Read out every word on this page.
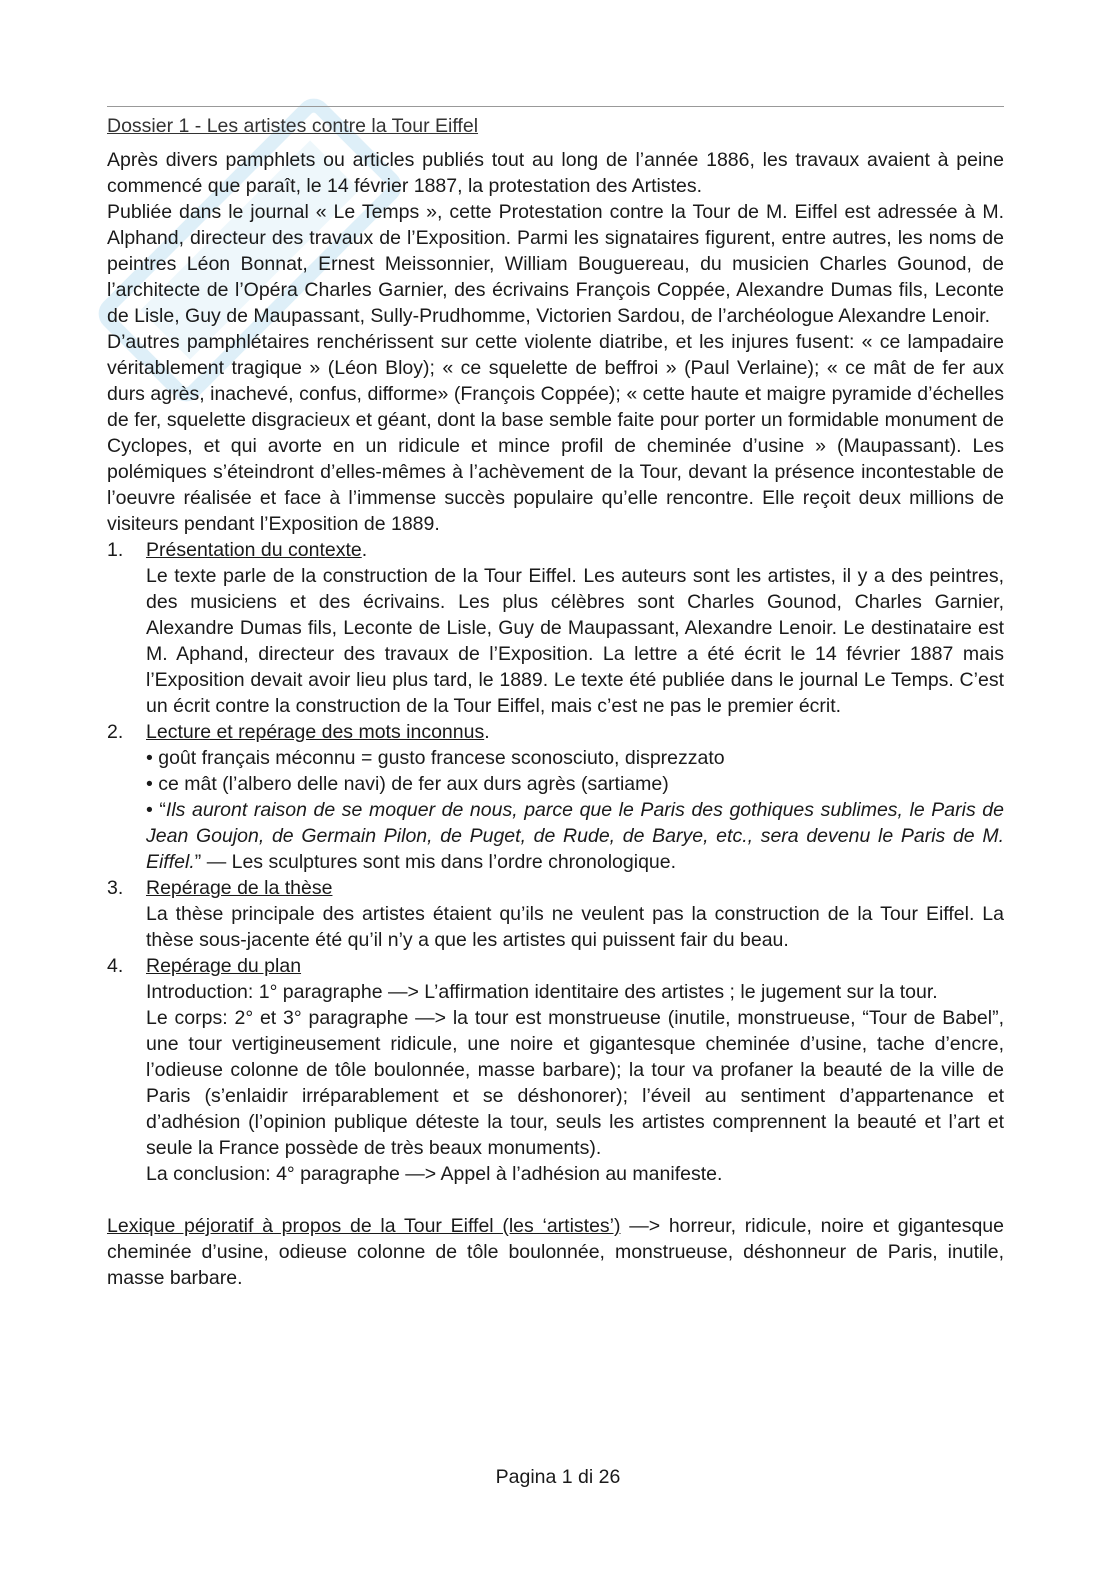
Dossier 1 - Les artistes contre la Tour Eiffel

Après divers pamphlets ou articles publiés tout au long de l’année 1886, les travaux avaient à peine commencé que paraît, le 14 février 1887, la protestation des Artistes.

Publiée dans le journal « Le Temps », cette Protestation contre la Tour de M. Eiffel est adressée à M. Alphand, directeur des travaux de l’Exposition. Parmi les signataires figurent, entre autres, les noms de peintres Léon Bonnat, Ernest Meissonnier, William Bouguereau, du musicien Charles Gounod, de l’architecte de l’Opéra Charles Garnier, des écrivains François Coppée, Alexandre Dumas fils, Leconte de Lisle, Guy de Maupassant, Sully-Prudhomme, Victorien Sardou, de l’archéologue Alexandre Lenoir.

D’autres pamphlétaires renchérissent sur cette violente diatribe, et les injures fusent: « ce lampadaire véritablement tragique » (Léon Bloy); « ce squelette de beffroi » (Paul Verlaine); « ce mât de fer aux durs agrès, inachevé, confus, difforme» (François Coppée); « cette haute et maigre pyramide d’échelles de fer, squelette disgracieux et géant, dont la base semble faite pour porter un formidable monument de Cyclopes, et qui avorte en un ridicule et mince profil de cheminée d’usine » (Maupassant). Les polémiques s’éteindront d’elles-mêmes à l’achèvement de la Tour, devant la présence incontestable de l’oeuvre réalisée et face à l’immense succès populaire qu’elle rencontre. Elle reçoit deux millions de visiteurs pendant l’Exposition de 1889.

1. Présentation du contexte.

Le texte parle de la construction de la Tour Eiffel. Les auteurs sont les artistes, il y a des peintres, des musiciens et des écrivains. Les plus célèbres sont Charles Gounod, Charles Garnier, Alexandre Dumas fils, Leconte de Lisle, Guy de Maupassant, Alexandre Lenoir. Le destinataire est M. Aphand, directeur des travaux de l’Exposition. La lettre a été écrit le 14 février 1887 mais l’Exposition devait avoir lieu plus tard, le 1889. Le texte été publiée dans le journal Le Temps. C’est un écrit contre la construction de la Tour Eiffel, mais c’est ne pas le premier écrit.

2. Lecture et repérage des mots inconnus.

• goût français méconnu = gusto francese sconosciuto, disprezzato

• ce mât (l’albero delle navi) de fer aux durs agrès (sartiame)

• “Ils auront raison de se moquer de nous, parce que le Paris des gothiques sublimes, le Paris de Jean Goujon, de Germain Pilon, de Puget, de Rude, de Barye, etc., sera devenu le Paris de M. Eiffel.” — Les sculptures sont mis dans l’ordre chronologique.

3. Repérage de la thèse

La thèse principale des artistes étaient qu’ils ne veulent pas la construction de la Tour Eiffel. La thèse sous-jacente été qu’il n’y a que les artistes qui puissent fair du beau.

4. Repérage du plan

Introduction: 1° paragraphe —> L’affirmation identitaire des artistes ; le jugement sur la tour.

Le corps: 2° et 3° paragraphe —> la tour est monstrueuse (inutile, monstrueuse, “Tour de Babel”, une tour vertigineusement ridicule, une noire et gigantesque cheminée d’usine, tache d’encre, l’odieuse colonne de tôle boulonnée, masse barbare); la tour va profaner la beauté de la ville de Paris (s’enlaidir irréparablement et se déshonorer); l’éveil au sentiment d’appartenance et d’adhésion (l’opinion publique déteste la tour, seuls les artistes comprennent la beauté et l’art et seule la France possède de très beaux monuments).

La conclusion: 4° paragraphe —> Appel à l’adhésion au manifeste.

Lexique péjoratif à propos de la Tour Eiffel (les ‘artistes’) —> horreur, ridicule, noire et gigantesque cheminée d’usine, odieuse colonne de tôle boulonnée, monstrueuse, déshonneur de Paris, inutile, masse barbare.

Pagina 1 di 26
